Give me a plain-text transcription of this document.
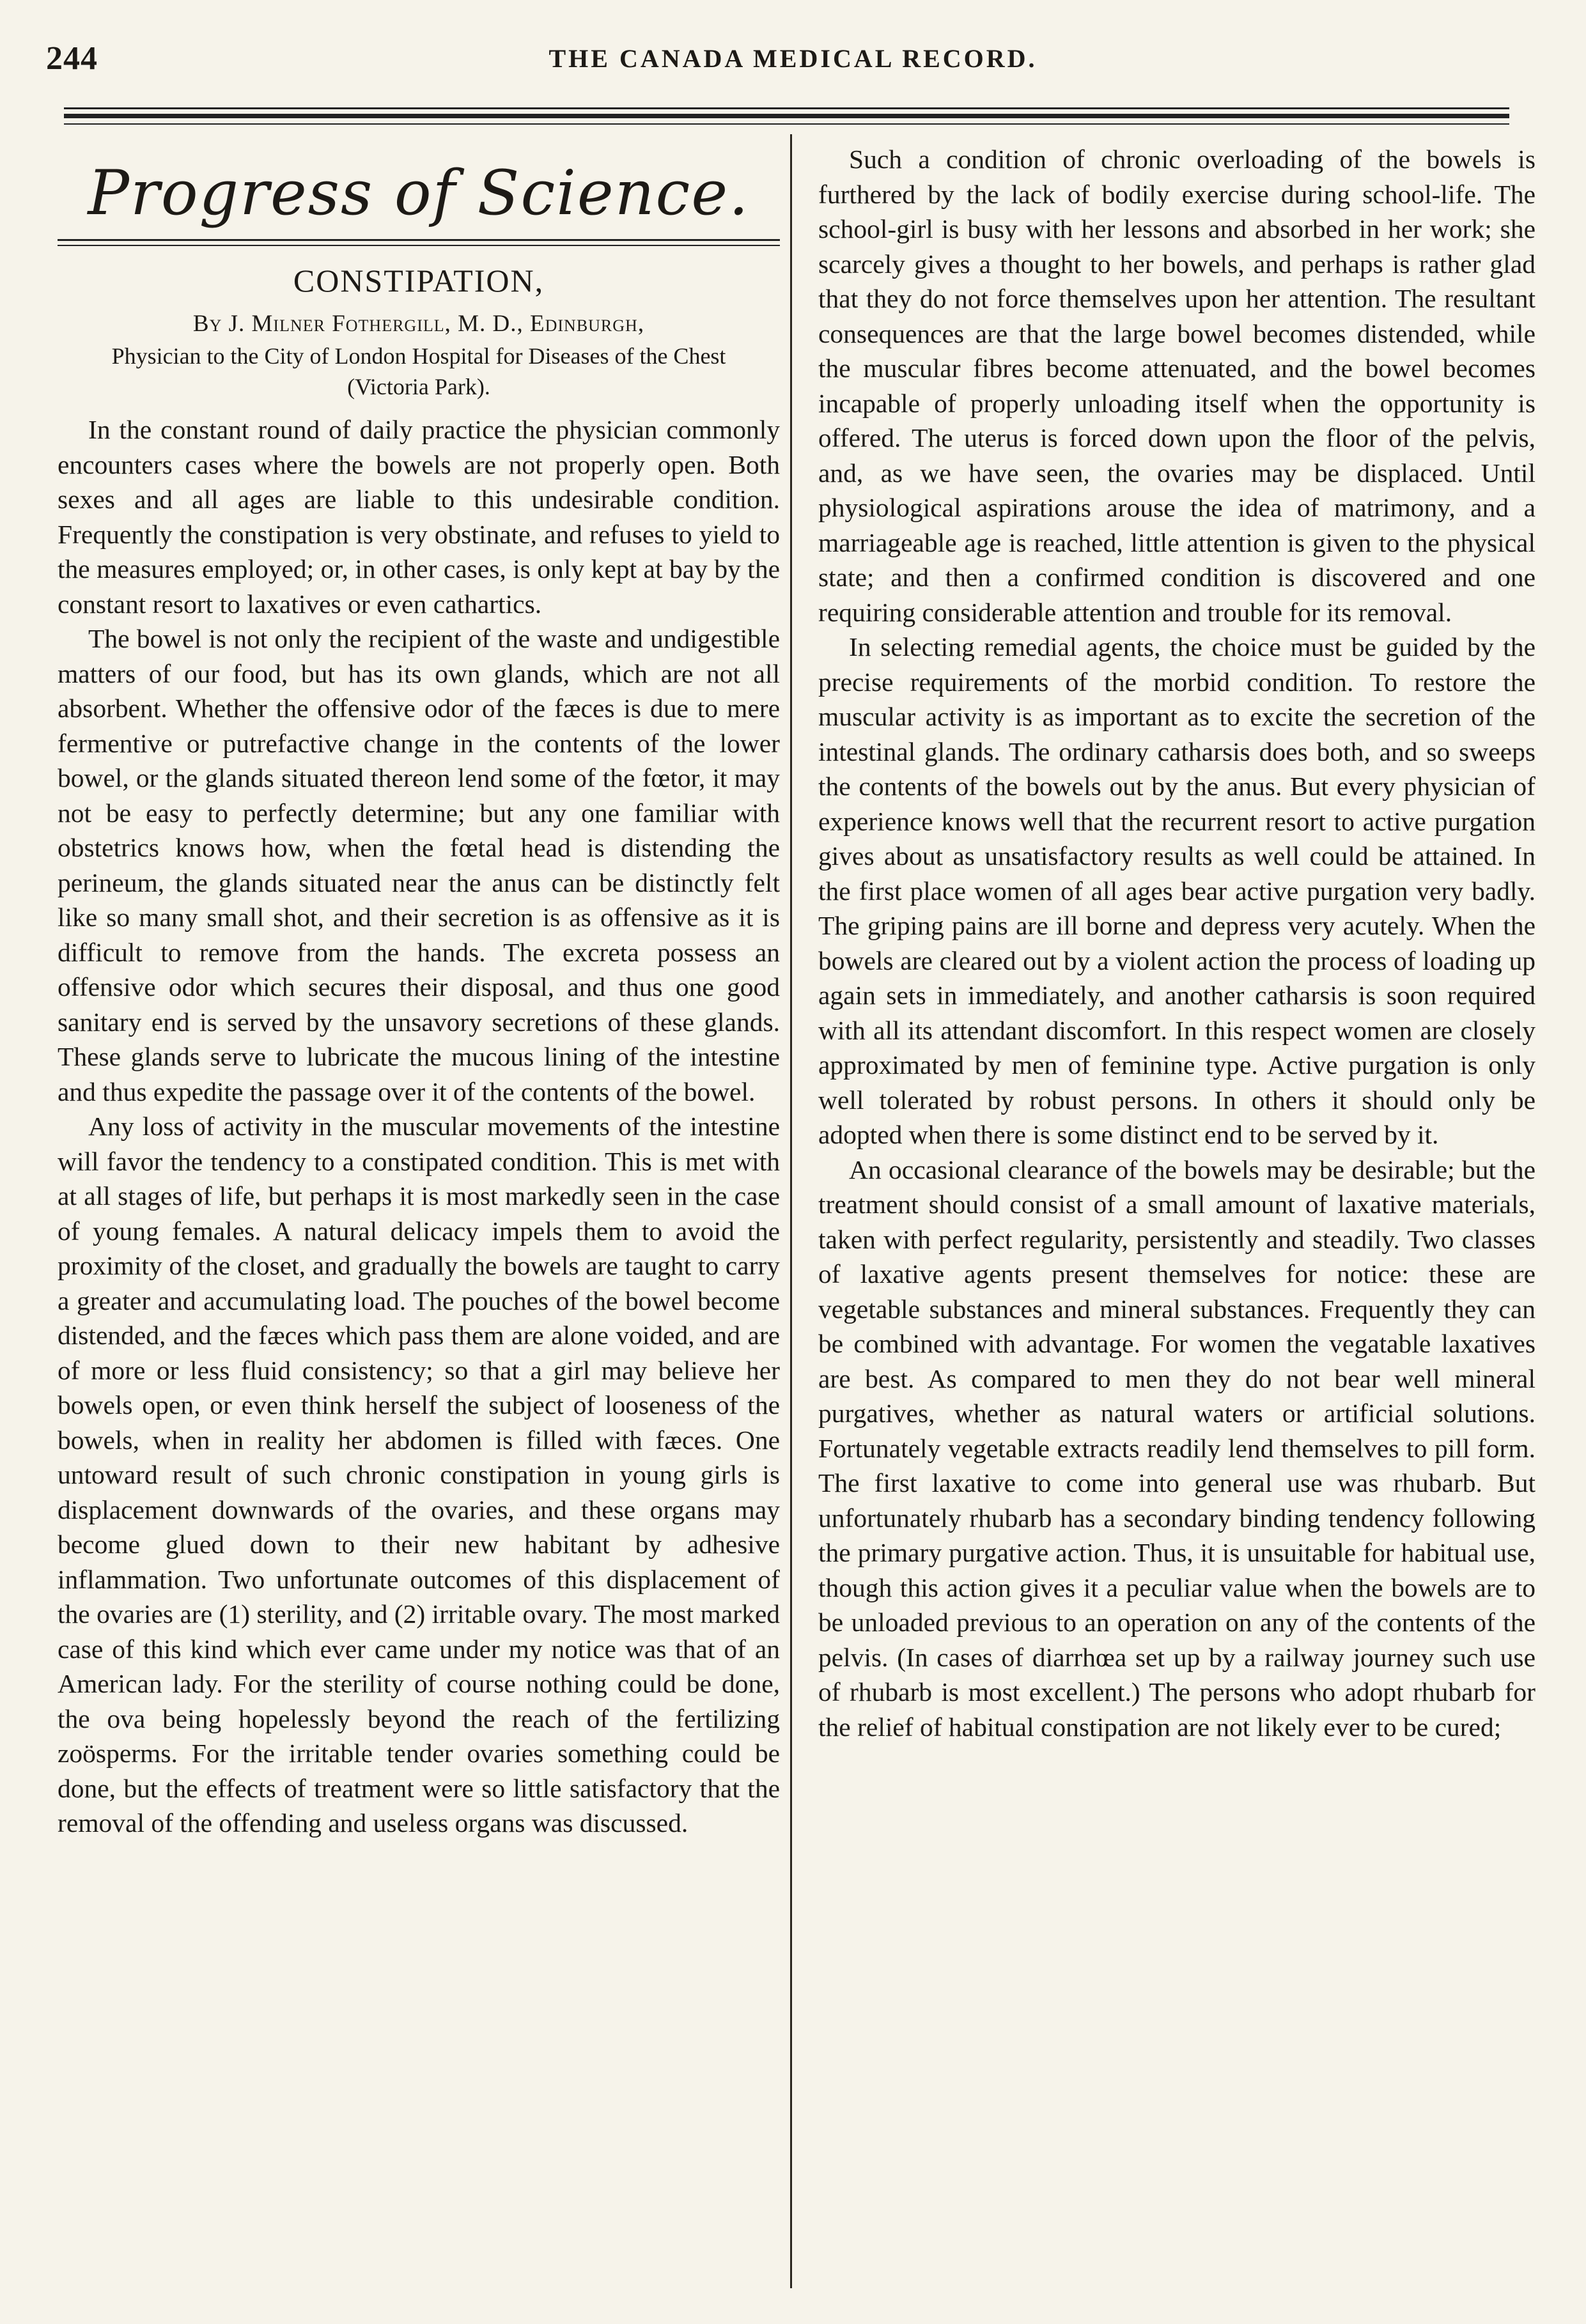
244	THE CANADA MEDICAL RECORD.
Progress of Science.
CONSTIPATION,
By J. Milner Fothergill, M. D., Edinburgh,
Physician to the City of London Hospital for Diseases of the Chest (Victoria Park).

In the constant round of daily practice the physician commonly encounters cases where the bowels are not properly open. Both sexes and all ages are liable to this undesirable condition. Frequently the constipation is very obstinate, and refuses to yield to the measures employed; or, in other cases, is only kept at bay by the constant resort to laxatives or even cathartics.

The bowel is not only the recipient of the waste and undigestible matters of our food, but has its own glands, which are not all absorbent. Whether the offensive odor of the fæces is due to mere fermentive or putrefactive change in the contents of the lower bowel, or the glands situated thereon lend some of the fœtor, it may not be easy to perfectly determine; but any one familiar with obstetrics knows how, when the fœtal head is distending the perineum, the glands situated near the anus can be distinctly felt like so many small shot, and their secretion is as offensive as it is difficult to remove from the hands. The excreta possess an offensive odor which secures their disposal, and thus one good sanitary end is served by the unsavory secretions of these glands. These glands serve to lubricate the mucous lining of the intestine and thus expedite the passage over it of the contents of the bowel.

Any loss of activity in the muscular movements of the intestine will favor the tendency to a constipated condition. This is met with at all stages of life, but perhaps it is most markedly seen in the case of young females. A natural delicacy impels them to avoid the proximity of the closet, and gradually the bowels are taught to carry a greater and accumulating load. The pouches of the bowel become distended, and the fæces which pass them are alone voided, and are of more or less fluid consistency; so that a girl may believe her bowels open, or even think herself the subject of looseness of the bowels, when in reality her abdomen is filled with fæces. One untoward result of such chronic constipation in young girls is displacement downwards of the ovaries, and these organs may become glued down to their new habitant by adhesive inflammation. Two unfortunate outcomes of this displacement of the ovaries are (1) sterility, and (2) irritable ovary. The most marked case of this kind which ever came under my notice was that of an American lady. For the sterility of course nothing could be done, the ova being hopelessly beyond the reach of the fertilizing zoösperms. For the irritable tender ovaries something could be done, but the effects of treatment were so little satisfactory that the removal of the offending and useless organs was discussed.

Such a condition of chronic overloading of the bowels is furthered by the lack of bodily exercise during school-life. The school-girl is busy with her lessons and absorbed in her work; she scarcely gives a thought to her bowels, and perhaps is rather glad that they do not force themselves upon her attention. The resultant consequences are that the large bowel becomes distended, while the muscular fibres become attenuated, and the bowel becomes incapable of properly unloading itself when the opportunity is offered. The uterus is forced down upon the floor of the pelvis, and, as we have seen, the ovaries may be displaced. Until physiological aspirations arouse the idea of matrimony, and a marriageable age is reached, little attention is given to the physical state; and then a confirmed condition is discovered and one requiring considerable attention and trouble for its removal.

In selecting remedial agents, the choice must be guided by the precise requirements of the morbid condition. To restore the muscular activity is as important as to excite the secretion of the intestinal glands. The ordinary catharsis does both, and so sweeps the contents of the bowels out by the anus. But every physician of experience knows well that the recurrent resort to active purgation gives about as unsatisfactory results as well could be attained. In the first place women of all ages bear active purgation very badly. The griping pains are ill borne and depress very acutely. When the bowels are cleared out by a violent action the process of loading up again sets in immediately, and another catharsis is soon required with all its attendant discomfort. In this respect women are closely approximated by men of feminine type. Active purgation is only well tolerated by robust persons. In others it should only be adopted when there is some distinct end to be served by it.

An occasional clearance of the bowels may be desirable; but the treatment should consist of a small amount of laxative materials, taken with perfect regularity, persistently and steadily. Two classes of laxative agents present themselves for notice: these are vegetable substances and mineral substances. Frequently they can be combined with advantage. For women the vegatable laxatives are best. As compared to men they do not bear well mineral purgatives, whether as natural waters or artificial solutions. Fortunately vegetable extracts readily lend themselves to pill form. The first laxative to come into general use was rhubarb. But unfortunately rhubarb has a secondary binding tendency following the primary purgative action. Thus, it is unsuitable for habitual use, though this action gives it a peculiar value when the bowels are to be unloaded previous to an operation on any of the contents of the pelvis. (In cases of diarrhœa set up by a railway journey such use of rhubarb is most excellent.) The persons who adopt rhubarb for the relief of habitual constipation are not likely ever to be cured;
